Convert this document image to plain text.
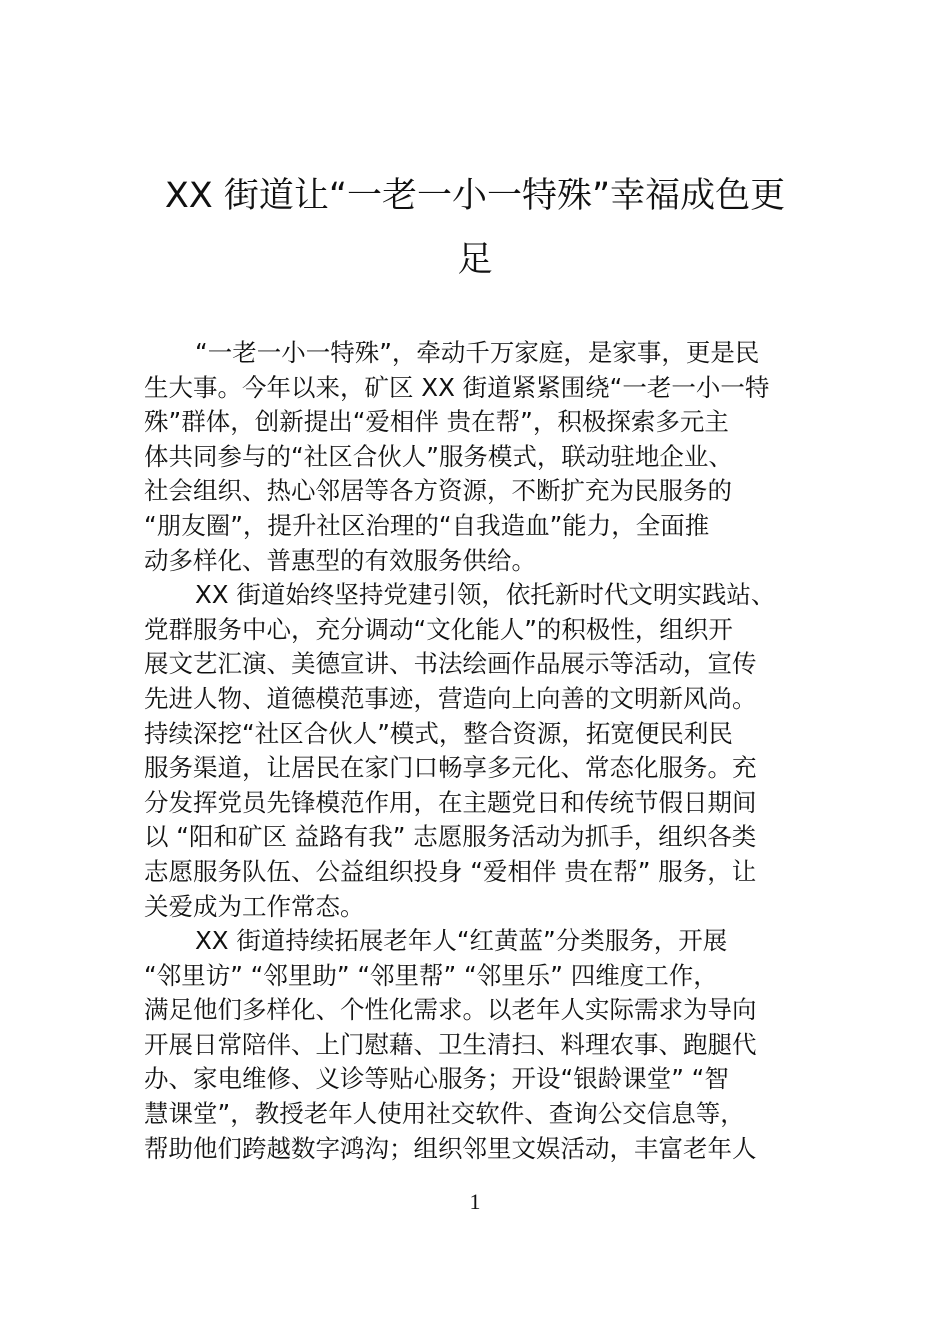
XX 街道让“一老一小一特殊”幸福成色更
足
“一老一小一特殊”，牵动千万家庭，是家事，更是民
生大事。今年以来，矿区 XX 街道紧紧围绕“一老一小一特
殊”群体，创新提出“爱相伴 贵在帮”，积极探索多元主
体共同参与的“社区合伙人”服务模式，联动驻地企业、
社会组织、热心邻居等各方资源，不断扩充为民服务的
“朋友圈”，提升社区治理的“自我造血”能力，全面推
动多样化、普惠型的有效服务供给。
XX 街道始终坚持党建引领，依托新时代文明实践站、
党群服务中心，充分调动“文化能人”的积极性，组织开
展文艺汇演、美德宣讲、书法绘画作品展示等活动，宣传
先进人物、道德模范事迹，营造向上向善的文明新风尚。
持续深挖“社区合伙人”模式，整合资源，拓宽便民利民
服务渠道，让居民在家门口畅享多元化、常态化服务。充
分发挥党员先锋模范作用，在主题党日和传统节假日期间
以 “阳和矿区 益路有我” 志愿服务活动为抓手，组织各类
志愿服务队伍、公益组织投身 “爱相伴 贵在帮” 服务，让
关爱成为工作常态。
XX 街道持续拓展老年人“红黄蓝”分类服务，开展
“邻里访” “邻里助” “邻里帮” “邻里乐” 四维度工作，
满足他们多样化、个性化需求。以老年人实际需求为导向
开展日常陪伴、上门慰藉、卫生清扫、料理农事、跑腿代
办、家电维修、义诊等贴心服务；开设“银龄课堂” “智
慧课堂”，教授老年人使用社交软件、查询公交信息等，
帮助他们跨越数字鸿沟；组织邻里文娱活动，丰富老年人
1
